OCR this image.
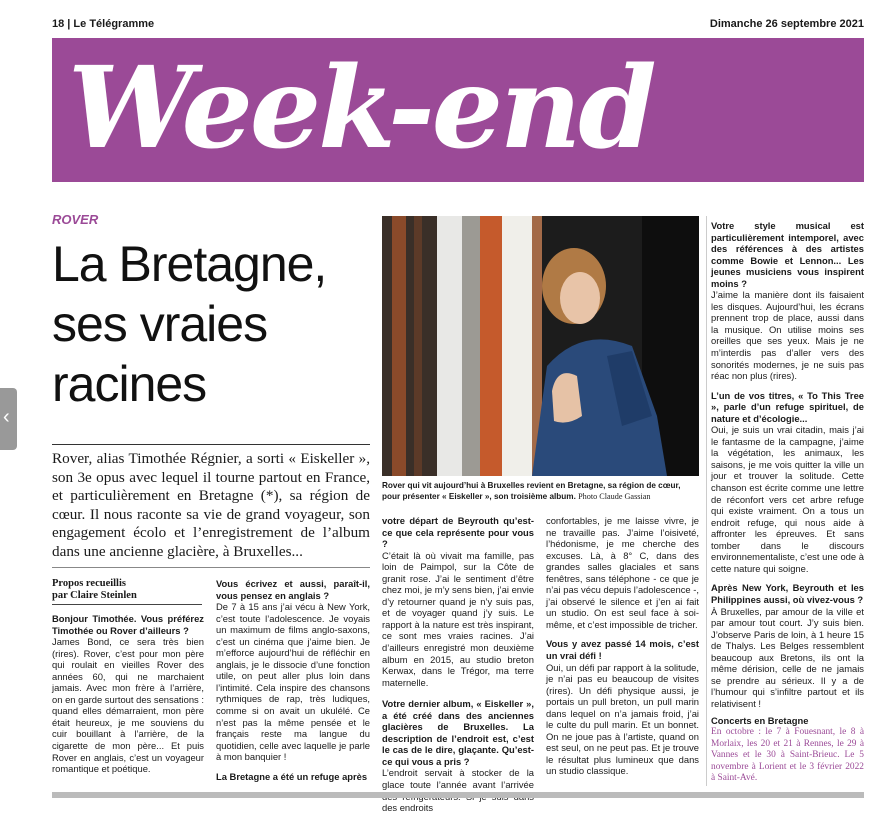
18 | Le Télégramme	Dimanche 26 septembre 2021
Week-end
ROVER
La Bretagne,
ses vraies
racines
Rover, alias Timothée Régnier, a sorti « Eiskeller », son 3e opus avec lequel il tourne partout en France, et particulièrement en Bretagne (*), sa région de cœur. Il nous raconte sa vie de grand voyageur, son engagement écolo et l’enregistrement de l’album dans une ancienne glacière, à Bruxelles...
Rover qui vit aujourd’hui à Bruxelles revient en Bretagne, sa région de cœur, pour présenter « Eiskeller », son troisième album. Photo Claude Gassian
Propos recueillis
par Claire Steinlen

Bonjour Timothée. Vous préférez Timothée ou Rover d’ailleurs ?

James Bond, ce sera très bien (rires). Rover, c’est pour mon père qui roulait en vieilles Rover des années 60, qui ne marchaient jamais. Avec mon frère à l’arrière, on en garde surtout des sensations : quand elles démarraient, mon père était heureux, je me souviens du cuir bouillant à l’arrière, de la cigarette de mon père... Et puis Rover en anglais, c’est un voyageur romantique et poétique.

Vous écrivez et aussi, paraît-il, vous pensez en anglais ?

De 7 à 15 ans j’ai vécu à New York, c’est toute l’adolescence. Je voyais un maximum de films anglo-saxons, c’est un cinéma que j’aime bien. Je m’efforce aujourd’hui de réfléchir en anglais, je le dissocie d’une fonction utile, on peut aller plus loin dans l’intimité. Cela inspire des chansons rythmiques de rap, très ludiques, comme si on avait un ukulélé. Ce n’est pas la même pensée et le français reste ma langue du quotidien, celle avec laquelle je parle à mon banquier !

La Bretagne a été un refuge après

votre départ de Beyrouth qu’est-ce que cela représente pour vous ?

C’était là où vivait ma famille, pas loin de Paimpol, sur la Côte de granit rose. J’ai le sentiment d’être chez moi, je m’y sens bien, j’ai envie d’y retourner quand je n’y suis pas, et de voyager quand j’y suis. Le rapport à la nature est très inspirant, ce sont mes vraies racines. J’ai d’ailleurs enregistré mon deuxième album en 2015, au studio breton Kerwax, dans le Trégor, ma terre maternelle.

Votre dernier album, « Eiskeller », a été créé dans des anciennes glacières de Bruxelles. La description de l’endroit est, c’est le cas de le dire, glaçante. Qu’est-ce qui vous a pris ?

L’endroit servait à stocker de la glace toute l’année avant l’arrivée des endroits

confortables, je me laisse vivre, je ne travaille pas. J’aime l’oisiveté, l’hédonisme, je me cherche des excuses. Là, à 8° C, dans des grandes salles glaciales et sans fenêtres, sans téléphone - ce que je n’ai pas vécu depuis l’adolescence -, j’ai observé le silence et j’en ai fait un studio. On est seul face à soi-même, et c’est impossible de tricher.

Vous y avez passé 14 mois, c’est un vrai défi !

Oui, un défi par rapport à la solitude, je n’ai pas eu beaucoup de visites (rires). Un défi physique aussi, je portais un pull breton, un pull marin dans lequel on n’a jamais froid, j’ai le culte du pull marin. Et un bonnet. On ne joue pas à l’artiste, quand on est seul, on ne peut pas. Et je trouve le résultat plus lumineux que dans un studio classique.

Votre style musical est particulièrement intemporel, avec des références à des artistes comme Bowie et Lennon... Les jeunes musiciens vous inspirent moins ?

J’aime la manière dont ils faisaient les disques. Aujourd’hui, les écrans prennent trop de place, aussi dans la musique. On utilise moins ses oreilles que ses yeux. Mais je ne m’interdis pas d’aller vers des sonorités modernes, je ne suis pas réac non plus (rires).

L’un de vos titres, « To This Tree », parle d’un refuge spirituel, de nature et d’écologie...

Oui, je suis un vrai citadin, mais j’ai le fantasme de la campagne, j’aime la végétation, les animaux, les saisons, je me vois quitter la ville un jour et trouver la solitude. Cette chanson est écrite comme une lettre de réconfort vers cet arbre refuge qui existe vraiment. On a tous un endroit refuge, qui nous aide à affronter les épreuves. Et sans tomber dans le discours environnementaliste, c’est une ode à cette nature qui soigne.

Après New York, Beyrouth et les Philippines aussi, où vivez-vous ?

À Bruxelles, par amour de la ville et par amour tout court. J’y suis bien. J’observe Paris de loin, à 1 heure 15 de Thalys. Les Belges ressemblent beaucoup aux Bretons, ils ont la même dérision, celle de ne jamais se prendre au sérieux. Il y a de l’humour qui s’infiltre partout et ils relativisent !

Concerts en Bretagne

En octobre : le 7 à Fouesnant, le 8 à Morlaix, les 20 et 21 à Rennes, le 29 à Vannes et le 30 à Saint-Brieuc. Le 5 novembre à Lorient et le 3 février 2022 à Saint-Avé.

‹
